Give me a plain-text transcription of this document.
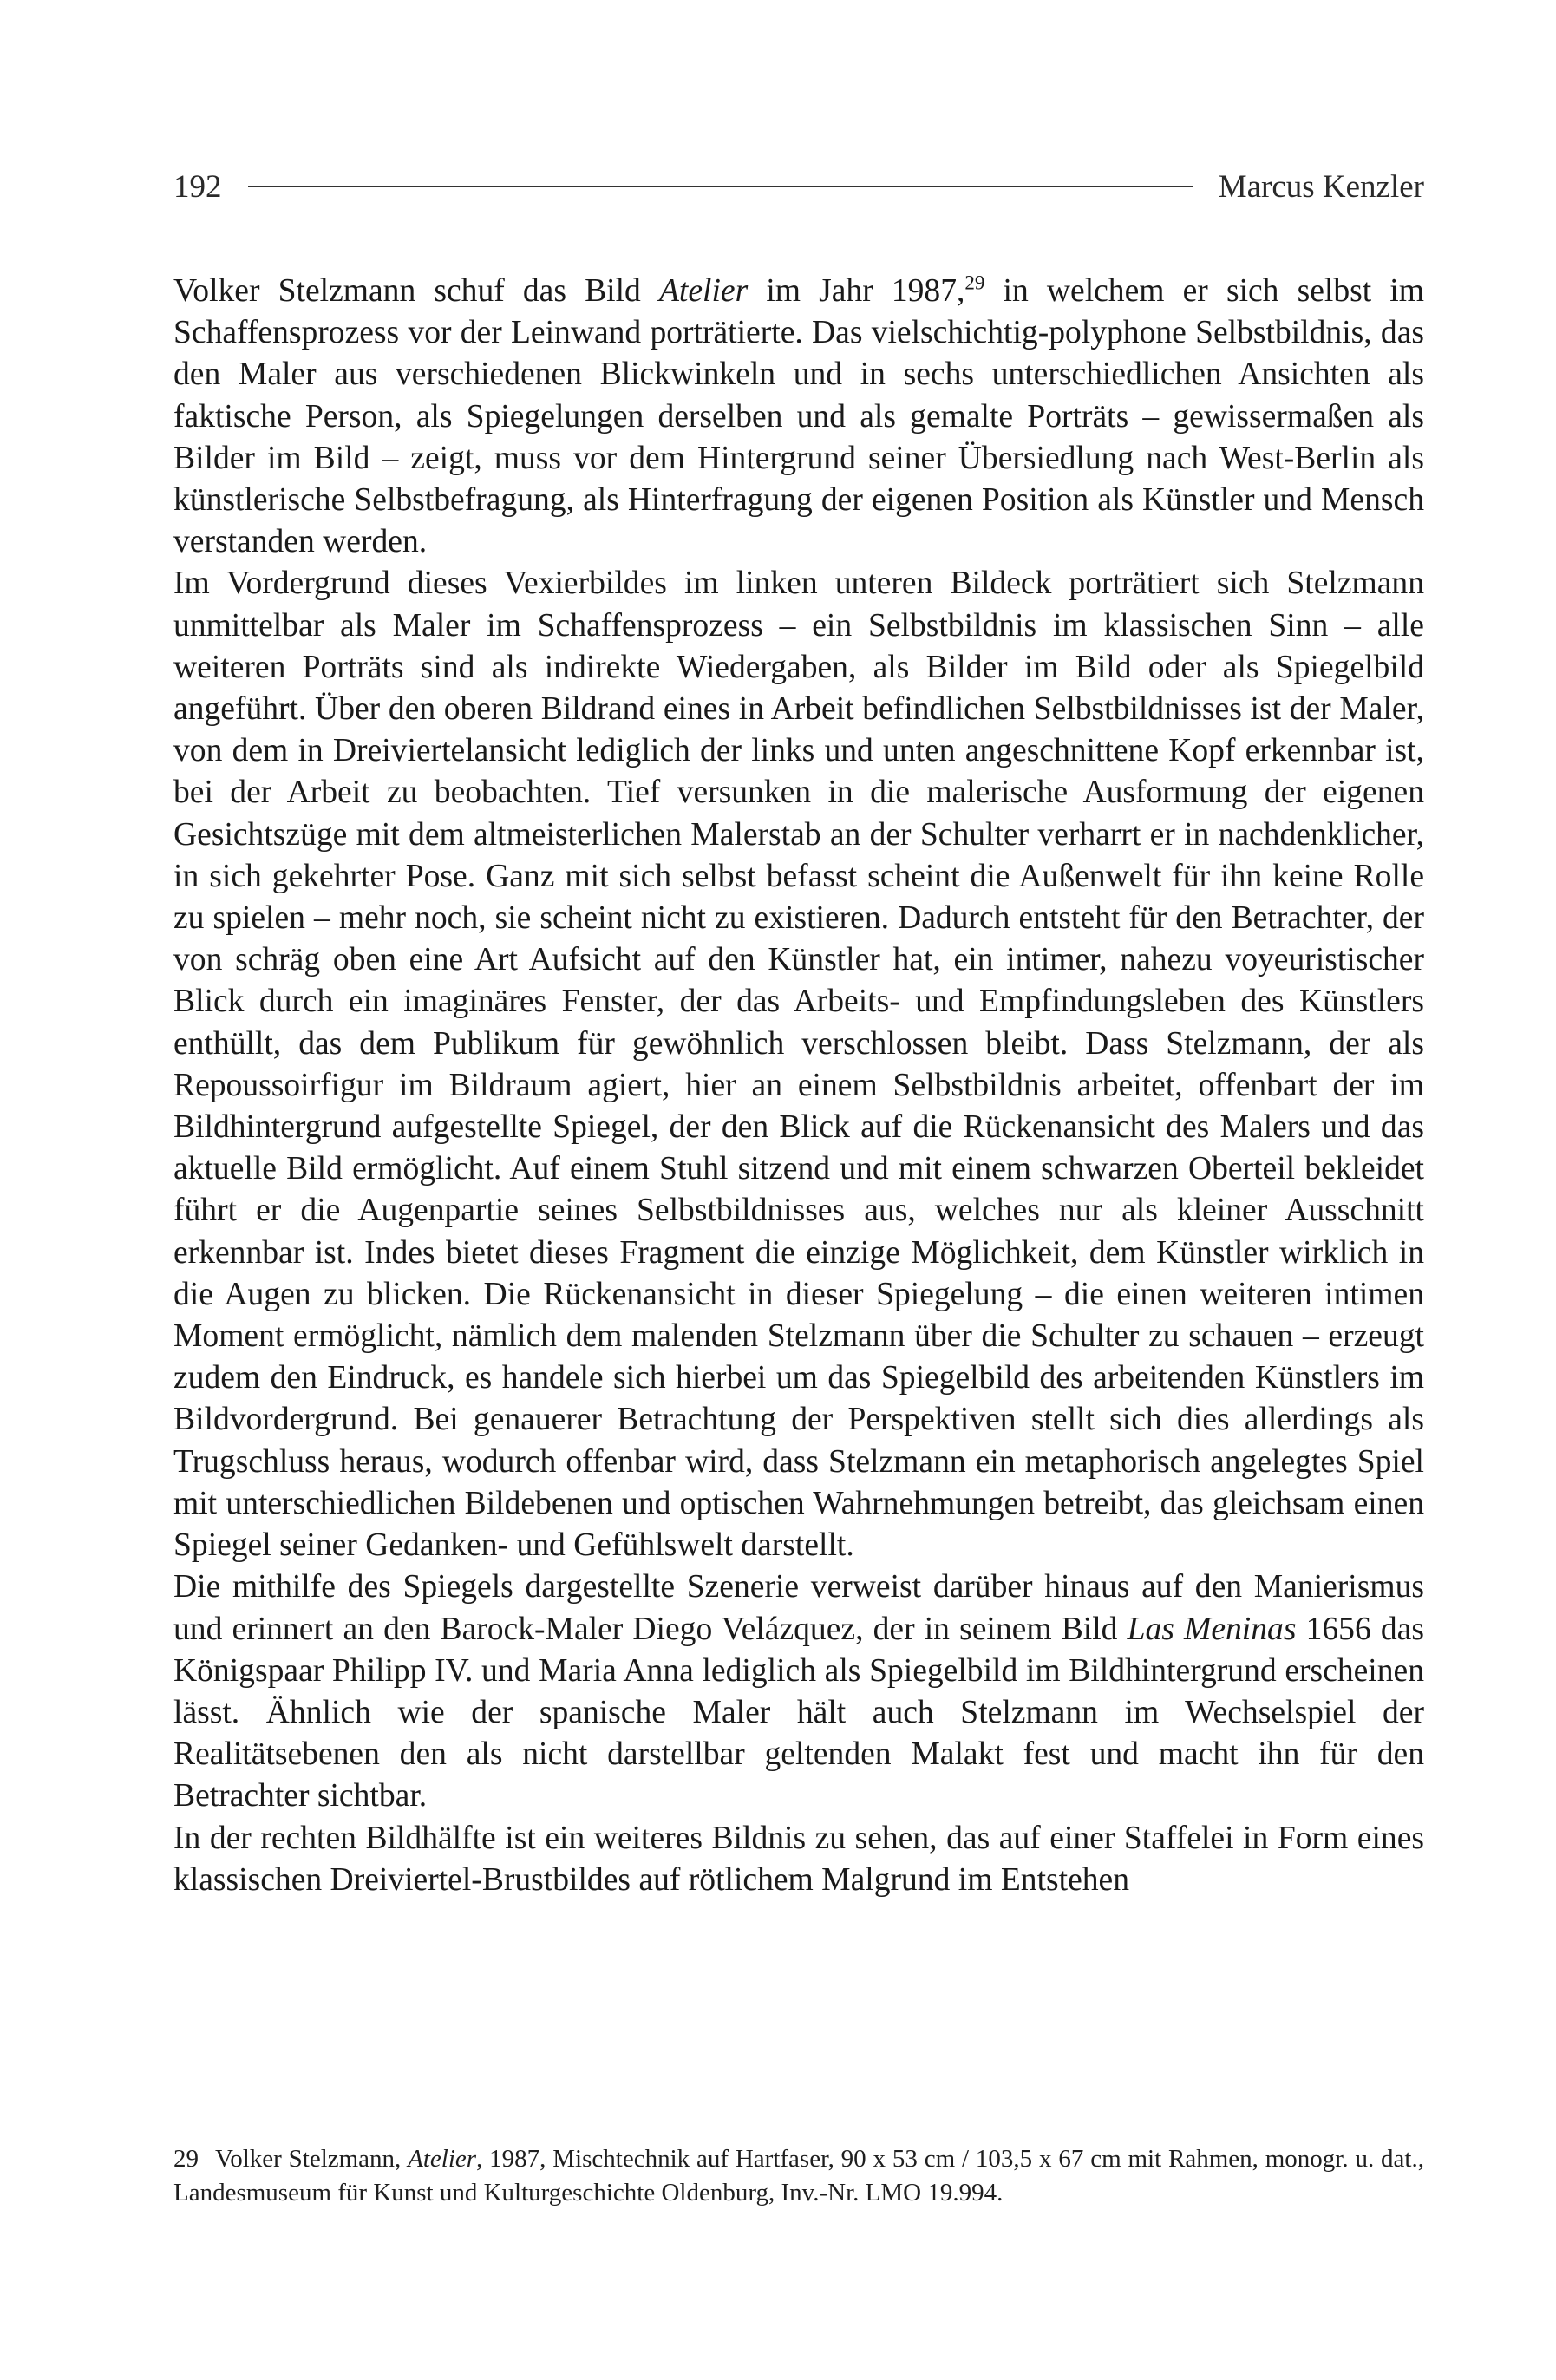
192	Marcus Kenzler

Volker Stelzmann schuf das Bild Atelier im Jahr 1987,29 in welchem er sich selbst im Schaffensprozess vor der Leinwand porträtierte. Das vielschichtig-polyphone Selbstbildnis, das den Maler aus verschiedenen Blickwinkeln und in sechs unterschiedlichen Ansichten als faktische Person, als Spiegelungen derselben und als gemalte Porträts – gewissermaßen als Bilder im Bild – zeigt, muss vor dem Hintergrund seiner Übersiedlung nach West-Berlin als künstlerische Selbstbefragung, als Hinterfragung der eigenen Position als Künstler und Mensch verstanden werden.

Im Vordergrund dieses Vexierbildes im linken unteren Bildeck porträtiert sich Stelzmann unmittelbar als Maler im Schaffensprozess – ein Selbstbildnis im klassischen Sinn – alle weiteren Porträts sind als indirekte Wiedergaben, als Bilder im Bild oder als Spiegelbild angeführt. Über den oberen Bildrand eines in Arbeit befindlichen Selbstbildnisses ist der Maler, von dem in Dreiviertelansicht lediglich der links und unten angeschnittene Kopf erkennbar ist, bei der Arbeit zu beobachten. Tief versunken in die malerische Ausformung der eigenen Gesichtszüge mit dem altmeisterlichen Malerstab an der Schulter verharrt er in nachdenklicher, in sich gekehrter Pose. Ganz mit sich selbst befasst scheint die Außenwelt für ihn keine Rolle zu spielen – mehr noch, sie scheint nicht zu existieren. Dadurch entsteht für den Betrachter, der von schräg oben eine Art Aufsicht auf den Künstler hat, ein intimer, nahezu voyeuristischer Blick durch ein imaginäres Fenster, der das Arbeits- und Empfindungsleben des Künstlers enthüllt, das dem Publikum für gewöhnlich verschlossen bleibt. Dass Stelzmann, der als Repoussoirfigur im Bildraum agiert, hier an einem Selbstbildnis arbeitet, offenbart der im Bildhintergrund aufgestellte Spiegel, der den Blick auf die Rückenansicht des Malers und das aktuelle Bild ermöglicht. Auf einem Stuhl sitzend und mit einem schwarzen Oberteil bekleidet führt er die Augenpartie seines Selbstbildnisses aus, welches nur als kleiner Ausschnitt erkennbar ist. Indes bietet dieses Fragment die einzige Möglichkeit, dem Künstler wirklich in die Augen zu blicken. Die Rückenansicht in dieser Spiegelung – die einen weiteren intimen Moment ermöglicht, nämlich dem malenden Stelzmann über die Schulter zu schauen – erzeugt zudem den Eindruck, es handele sich hierbei um das Spiegelbild des arbeitenden Künstlers im Bildvordergrund. Bei genauerer Betrachtung der Perspektiven stellt sich dies allerdings als Trugschluss heraus, wodurch offenbar wird, dass Stelzmann ein metaphorisch angelegtes Spiel mit unterschiedlichen Bildebenen und optischen Wahrnehmungen betreibt, das gleichsam einen Spiegel seiner Gedanken- und Gefühlswelt darstellt.

Die mithilfe des Spiegels dargestellte Szenerie verweist darüber hinaus auf den Manierismus und erinnert an den Barock-Maler Diego Velázquez, der in seinem Bild Las Meninas 1656 das Königspaar Philipp IV. und Maria Anna lediglich als Spiegelbild im Bildhintergrund erscheinen lässt. Ähnlich wie der spanische Maler hält auch Stelzmann im Wechselspiel der Realitätsebenen den als nicht darstellbar geltenden Malakt fest und macht ihn für den Betrachter sichtbar.

In der rechten Bildhälfte ist ein weiteres Bildnis zu sehen, das auf einer Staffelei in Form eines klassischen Dreiviertel-Brustbildes auf rötlichem Malgrund im Entstehen

29 Volker Stelzmann, Atelier, 1987, Mischtechnik auf Hartfaser, 90 x 53 cm / 103,5 x 67 cm mit Rahmen, monogr. u. dat., Landesmuseum für Kunst und Kulturgeschichte Oldenburg, Inv.-Nr. LMO 19.994.
